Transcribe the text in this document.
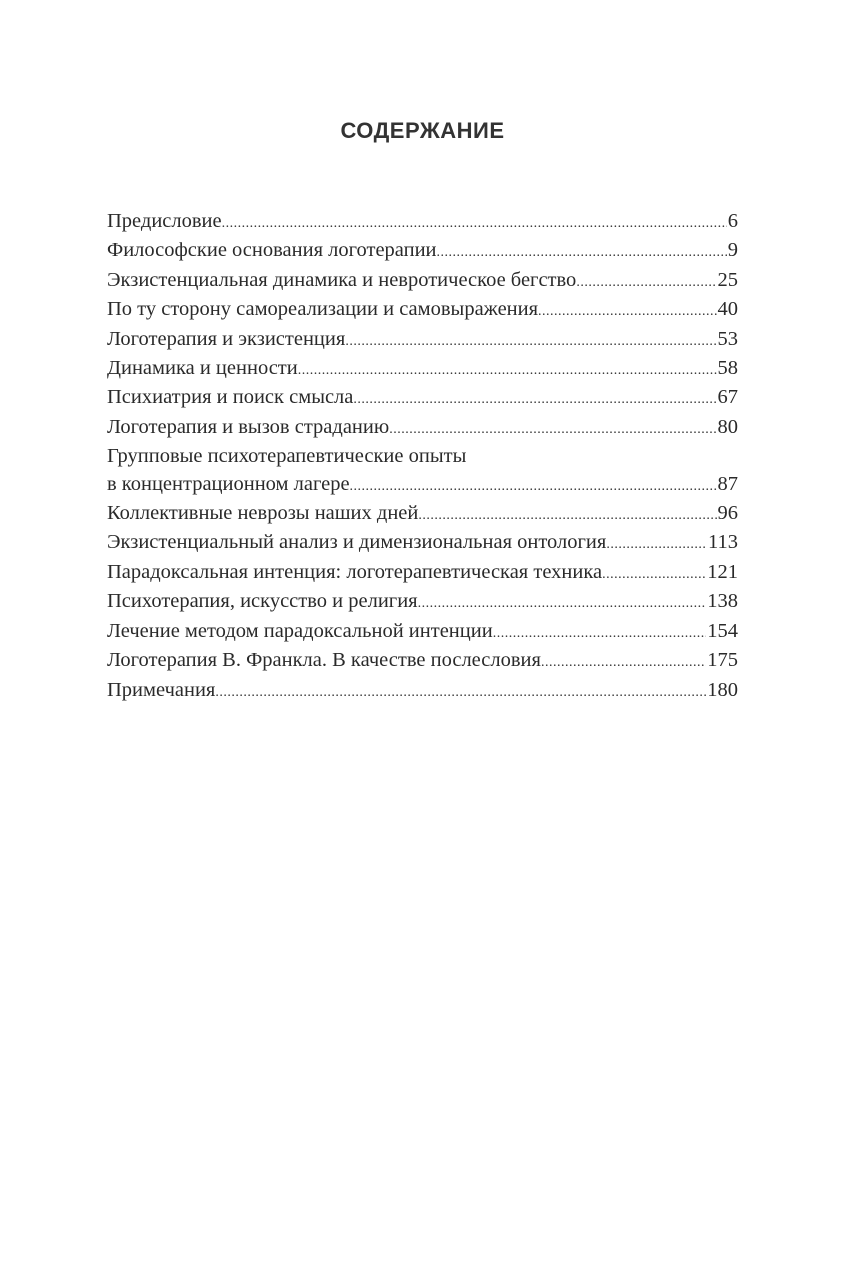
СОДЕРЖАНИЕ
Предисловие .....	6
Философские основания логотерапии .....	9
Экзистенциальная динамика и невротическое бегство .....	25
По ту сторону самореализации и самовыражения .....	40
Логотерапия и экзистенция .....	53
Динамика и ценности .....	58
Психиатрия и поиск смысла .....	67
Логотерапия и вызов страданию .....	80
Групповые психотерапевтические опыты
в концентрационном лагере .....	87
Коллективные неврозы наших дней .....	96
Экзистенциальный анализ и димензиональная онтология .....	113
Парадоксальная интенция: логотерапевтическая техника .....	121
Психотерапия, искусство и религия .....	138
Лечение методом парадоксальной интенции .....	154
Логотерапия В. Франкла. В качестве послесловия .....	175
Примечания .....	180
